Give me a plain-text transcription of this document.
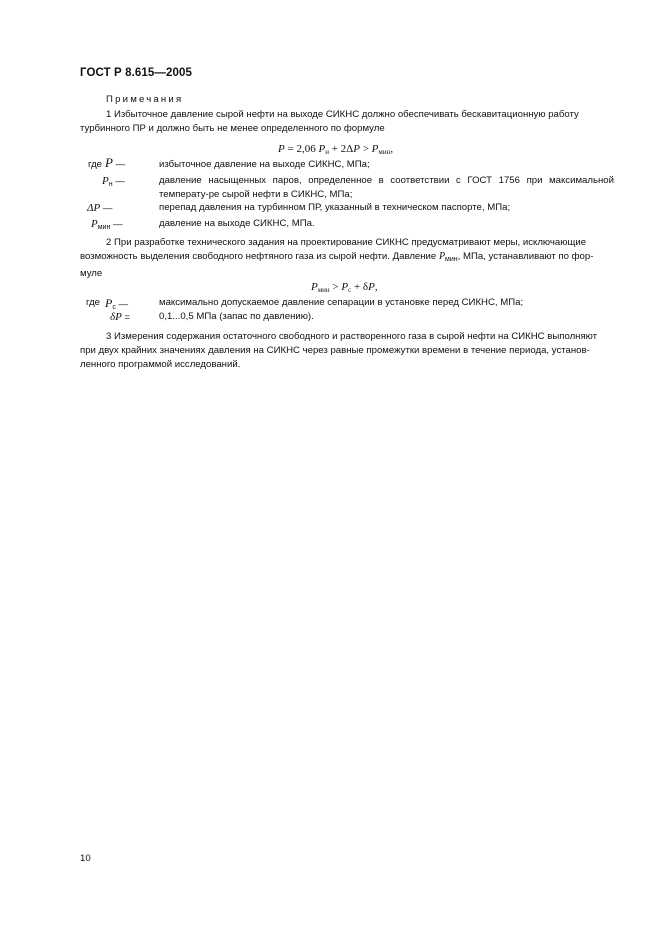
ГОСТ Р 8.615—2005
Примечания
1 Избыточное давление сырой нефти на выходе СИКНС должно обеспечивать бескавитационную работу
турбинного ПР и должно быть не менее определенного по формуле
P = 2,06 $P_н + 2\Delta P > P_{мин}$,
где P —	избыточное давление на выходе СИКНС, МПа;
$P_н$ —	давление насыщенных паров, определенное в соответствии с ГОСТ 1756 при максимальной температу-ре сырой нефти в СИКНС, МПа;
ΔP —	перепад давления на турбинном ПР, указанный в техническом паспорте, МПа;
$P_{мин}$ —	давление на выходе СИКНС, МПа.
2 При разработке технического задания на проектирование СИКНС предусматривают меры, исключающие
возможность выделения свободного нефтяного газа из сырой нефти. Давление $P_{мин}$, МПа, устанавливают по фор-
муле
$P_{мин} > P_с + \delta P$,
где $P_с$ —	максимально допускаемое давление сепарации в установке перед СИКНС, МПа;
δP =	0,1...0,5 МПа (запас по давлению).
3 Измерения содержания остаточного свободного и растворенного газа в сырой нефти на СИКНС выполняют
при двух крайних значениях давления на СИКНС через равные промежутки времени в течение периода, установ-
ленного программой исследований.
10
